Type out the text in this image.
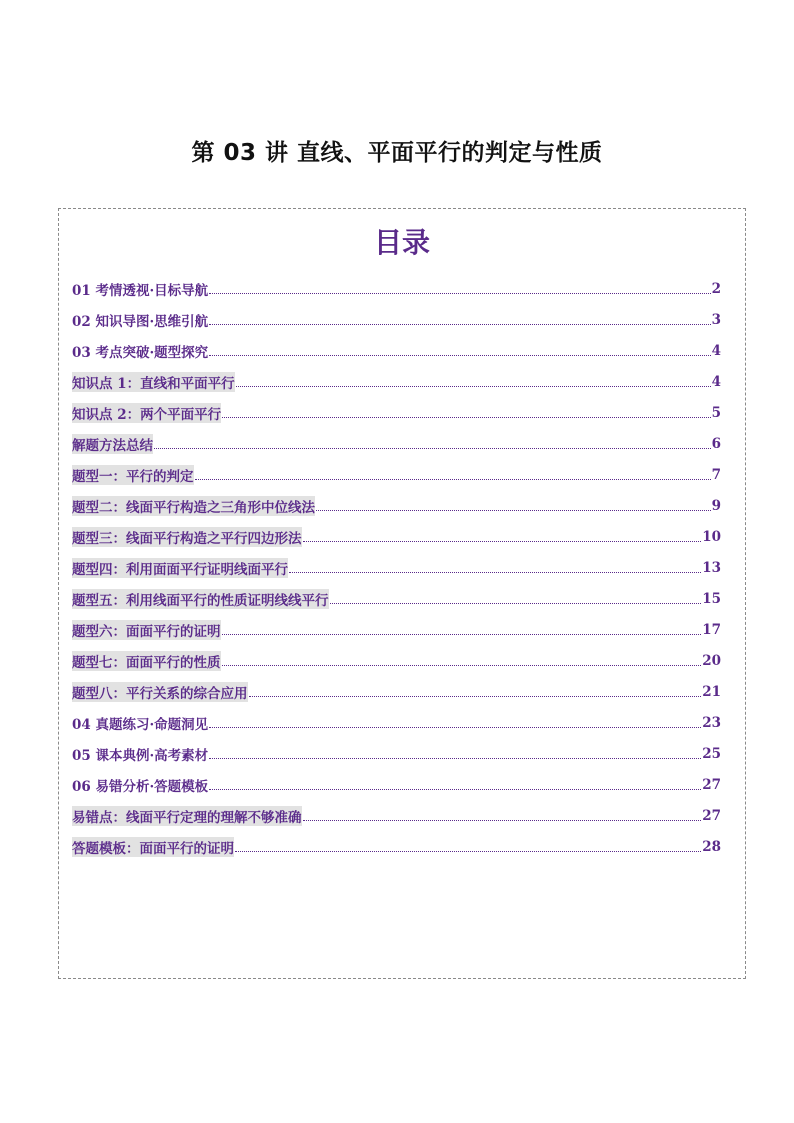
第 03 讲 直线、平面平行的判定与性质
目录
01 考情透视·目标导航	2
02 知识导图·思维引航	3
03 考点突破·题型探究	4
知识点 1：直线和平面平行	4
知识点 2：两个平面平行	5
解题方法总结	6
题型一：平行的判定	7
题型二：线面平行构造之三角形中位线法	9
题型三：线面平行构造之平行四边形法	10
题型四：利用面面平行证明线面平行	13
题型五：利用线面平行的性质证明线线平行	15
题型六：面面平行的证明	17
题型七：面面平行的性质	20
题型八：平行关系的综合应用	21
04 真题练习·命题洞见	23
05 课本典例·高考素材	25
06 易错分析·答题模板	27
易错点：线面平行定理的理解不够准确	27
答题模板：面面平行的证明	28
